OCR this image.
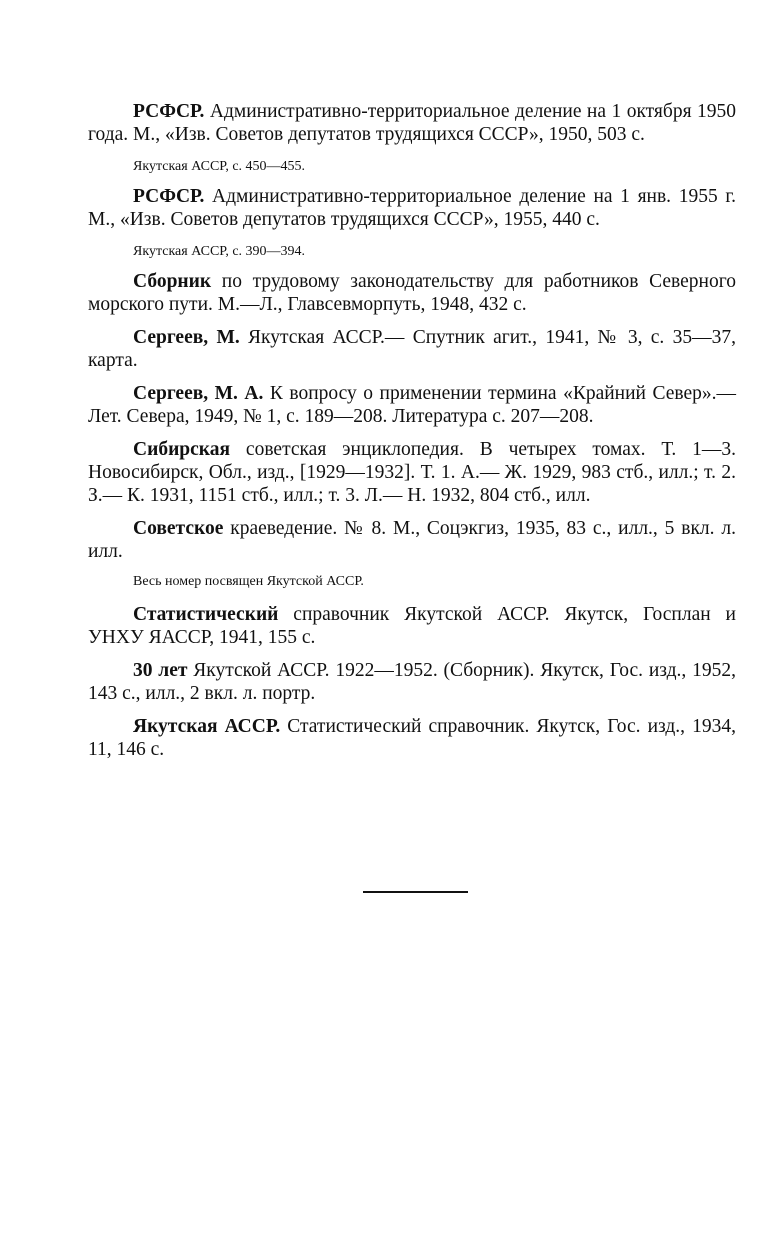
РСФСР. Административно-территориальное деление на 1 октября 1950 года. М., «Изв. Советов депутатов трудящихся СССР», 1950, 503 с.

Якутская АССР, с. 450—455.

РСФСР. Административно-территориальное деление на 1 янв. 1955 г. М., «Изв. Советов депутатов трудящихся СССР», 1955, 440 с.

Якутская АССР, с. 390—394.

Сборник по трудовому законодательству для работников Северного морского пути. М.—Л., Главсевморпуть, 1948, 432 с.

Сергеев, М. Якутская АССР.— Спутник агит., 1941, № 3, с. 35—37, карта.

Сергеев, М. А. К вопросу о применении термина «Крайний Север».— Лет. Севера, 1949, № 1, с. 189—208. Литература с. 207—208.

Сибирская советская энциклопедия. В четырех томах. Т. 1—3. Новосибирск, Обл., изд., [1929—1932]. Т. 1. А.— Ж. 1929, 983 стб., илл.; т. 2. З.— К. 1931, 1151 стб., илл.; т. 3. Л.— Н. 1932, 804 стб., илл.

Советское краеведение. № 8. М., Соцэкгиз, 1935, 83 с., илл., 5 вкл. л. илл.

Весь номер посвящен Якутской АССР.

Статистический справочник Якутской АССР. Якутск, Госплан и УНХУ ЯАССР, 1941, 155 с.

30 лет Якутской АССР. 1922—1952. (Сборник). Якутск, Гос. изд., 1952, 143 с., илл., 2 вкл. л. портр.

Якутская АССР. Статистический справочник. Якутск, Гос. изд., 1934, 11, 146 с.
